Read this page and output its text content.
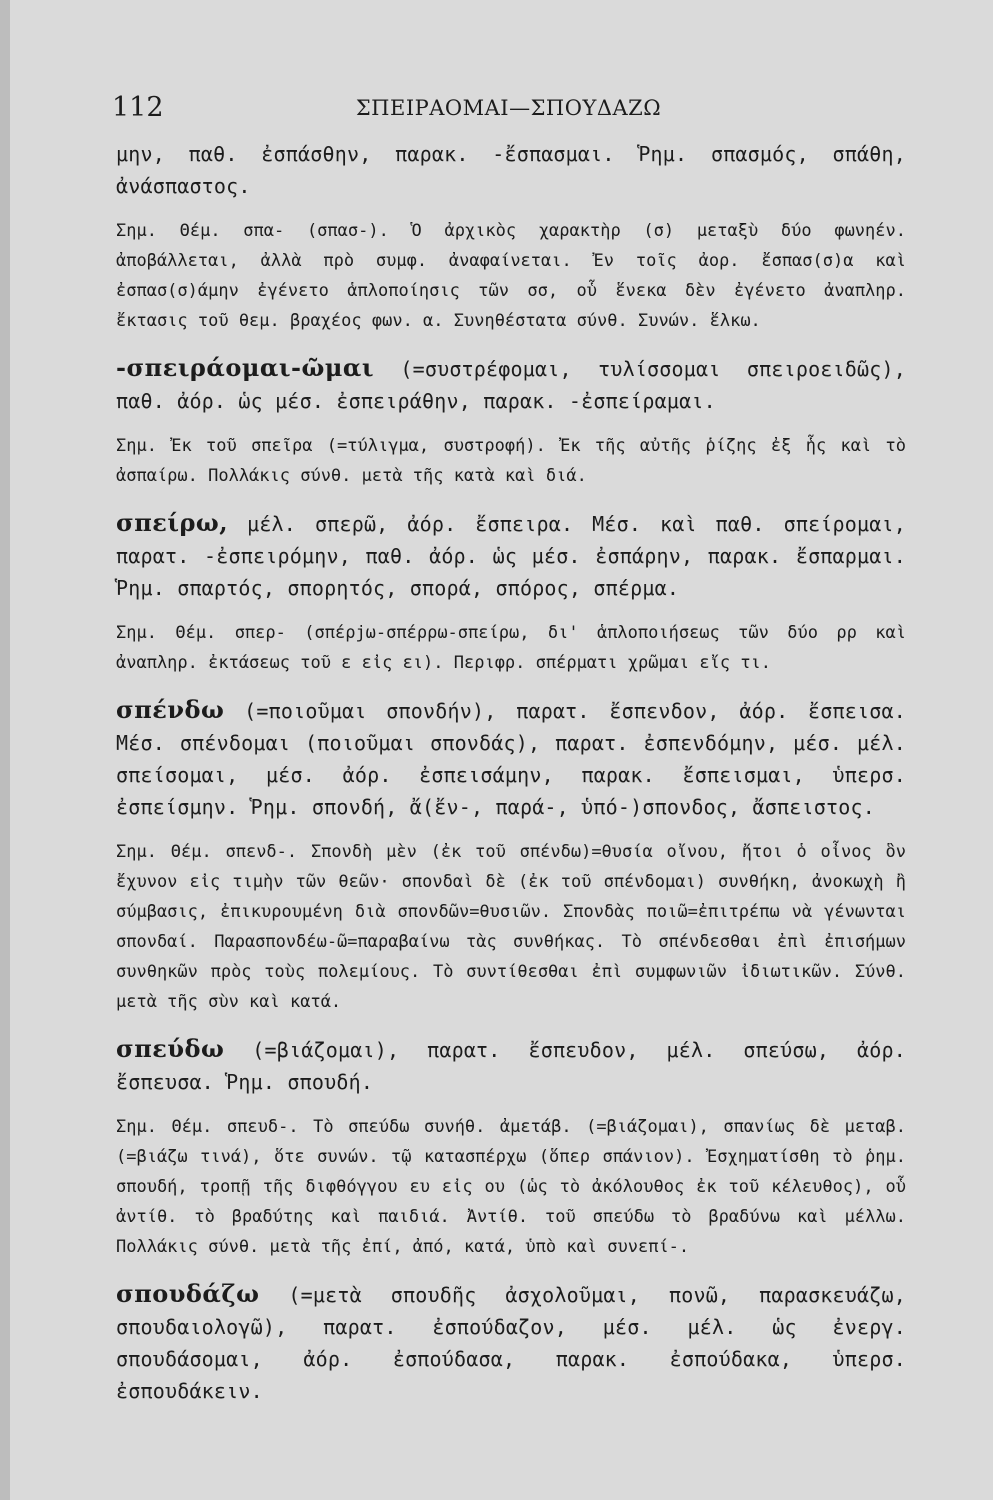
112	ΣΠΕΙΡΑΟΜΑΙ—ΣΠΟΥΔΑΖΩ

μην, παθ. ἐσπάσθην, παρακ. -ἔσπασμαι. Ῥημ. σπασμός, σπάθη, ἀνάσπαστος.

Σημ. Θέμ. σπα- (σπασ-). Ὁ ἀρχικὸς χαρακτὴρ (σ) μεταξὺ δύο φωνηέν. ἀποβάλλεται, ἀλλὰ πρὸ συμφ. ἀναφαίνεται. Ἐν τοῖς ἀορ. ἔσπασ(σ)α καὶ ἐσπασ(σ)άμην ἐγένετο ἁπλοποίησις τῶν σσ, οὗ ἕνεκα δὲν ἐγένετο ἀναπληρ. ἔκτασις τοῦ θεμ. βραχέος φων. α. Συνηθέστατα σύνθ. Συνών. ἕλκω.

-σπειράομαι-ῶμαι (=συστρέφομαι, τυλίσσομαι σπειροειδῶς), παθ. ἀόρ. ὡς μέσ. ἐσπειράθην, παρακ. -ἐσπείραμαι.

Σημ. Ἐκ τοῦ σπεῖρα (=τύλιγμα, συστροφή). Ἐκ τῆς αὐτῆς ῥίζης ἐξ ἧς καὶ τὸ ἀσπαίρω. Πολλάκις σύνθ. μετὰ τῆς κατὰ καὶ διά.

σπείρω, μέλ. σπερῶ, ἀόρ. ἔσπειρα. Μέσ. καὶ παθ. σπείρομαι, παρατ. -ἐσπειρόμην, παθ. ἀόρ. ὡς μέσ. ἐσπάρην, παρακ. ἔσπαρμαι. Ῥημ. σπαρτός, σπορητός, σπορά, σπόρος, σπέρμα.

Σημ. Θέμ. σπερ- (σπέρjω-σπέρρω-σπείρω, δι' ἁπλοποιήσεως τῶν δύο ρρ καὶ ἀναπληρ. ἐκτάσεως τοῦ ε εἰς ει). Περιφρ. σπέρματι χρῶμαι εἴς τι.

σπένδω (=ποιοῦμαι σπονδήν), παρατ. ἔσπενδον, ἀόρ. ἔσπεισα. Μέσ. σπένδομαι (ποιοῦμαι σπονδάς), παρατ. ἐσπενδόμην, μέσ. μέλ. σπείσομαι, μέσ. ἀόρ. ἐσπεισάμην, παρακ. ἔσπεισμαι, ὑπερσ. ἐσπείσμην. Ῥημ. σπονδή, ἄ(ἔν-, παρά-, ὑπό-)σπονδος, ἄσπειστος.

Σημ. Θέμ. σπενδ-. Σπονδὴ μὲν (ἐκ τοῦ σπένδω)=θυσία οἴνου, ἤτοι ὁ οἶνος ὃν ἔχυνον εἰς τιμὴν τῶν θεῶν· σπονδαὶ δὲ (ἐκ τοῦ σπένδομαι) συνθήκη, ἀνοκωχὴ ἢ σύμβασις, ἐπικυρουμένη διὰ σπονδῶν=θυσιῶν. Σπονδὰς ποιῶ=ἐπιτρέπω νὰ γένωνται σπονδαί. Παρασπονδέω-ῶ=παραβαίνω τὰς συνθήκας. Τὸ σπένδεσθαι ἐπὶ ἐπισήμων συνθηκῶν πρὸς τοὺς πολεμίους. Τὸ συντίθεσθαι ἐπὶ συμφωνιῶν ἰδιωτικῶν. Σύνθ. μετὰ τῆς σὺν καὶ κατά.

σπεύδω (=βιάζομαι), παρατ. ἔσπευδον, μέλ. σπεύσω, ἀόρ. ἔσπευσα. Ῥημ. σπουδή.

Σημ. Θέμ. σπευδ-. Τὸ σπεύδω συνήθ. ἀμετάβ. (=βιάζομαι), σπανίως δὲ μεταβ. (=βιάζω τινά), ὅτε συνών. τῷ κατασπέρχω (ὅπερ σπάνιον). Ἐσχηματίσθη τὸ ῥημ. σπουδή, τροπῇ τῆς διφθόγγου ευ εἰς ου (ὡς τὸ ἀκόλουθος ἐκ τοῦ κέλευθος), οὗ ἀντίθ. τὸ βραδύτης καὶ παιδιά. Ἀντίθ. τοῦ σπεύδω τὸ βραδύνω καὶ μέλλω. Πολλάκις σύνθ. μετὰ τῆς ἐπί, ἀπό, κατά, ὑπὸ καὶ συνεπί-.

σπουδάζω (=μετὰ σπουδῆς ἀσχολοῦμαι, πονῶ, παρασκευάζω, σπουδαιολογῶ), παρατ. ἐσπούδαζον, μέσ. μέλ. ὡς ἐνεργ. σπουδάσομαι, ἀόρ. ἐσπούδασα, παρακ. ἐσπούδακα, ὑπερσ. ἐσπουδάκειν.
